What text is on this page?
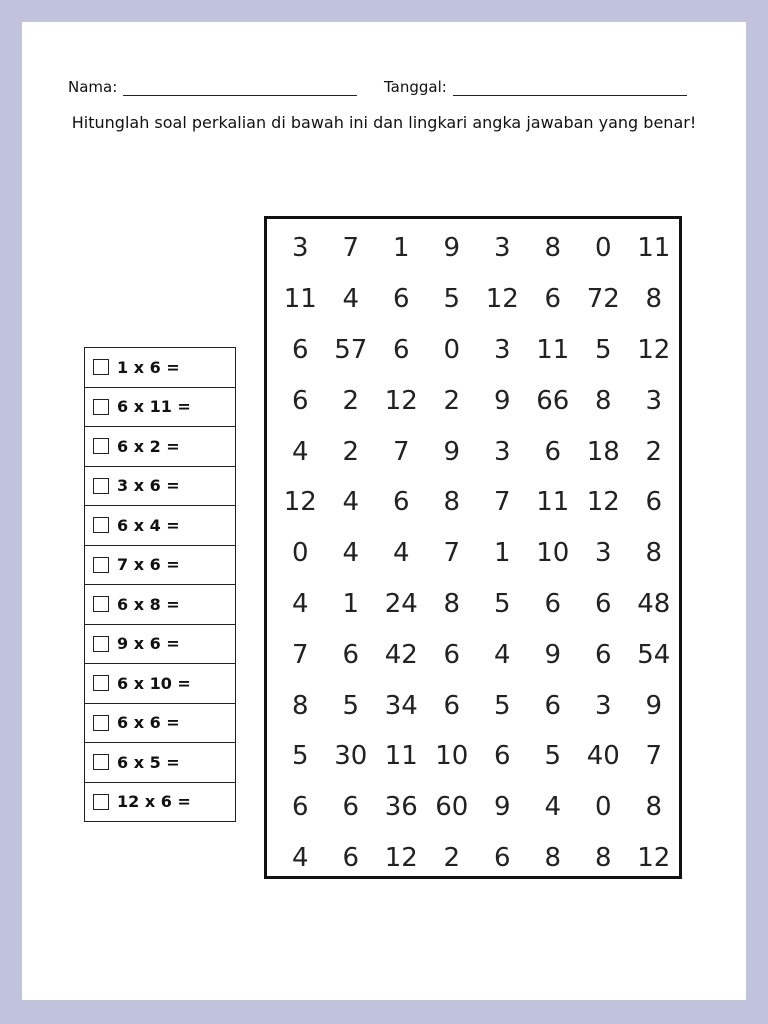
Nama:	Tanggal:
Hitunglah soal perkalian di bawah ini dan lingkari angka jawaban yang benar!
1 x 6 =
6 x 11 =
6 x 2 =
3 x 6 =
6 x 4 =
7 x 6 =
6 x 8 =
9 x 6 =
6 x 10 =
6 x 6 =
6 x 5 =
12 x 6 =
3	7	1	9	3	8	0	11
11	4	6	5	12	6	72	8
6	57	6	0	3	11	5	12
6	2	12	2	9	66	8	3
4	2	7	9	3	6	18	2
12	4	6	8	7	11	12	6
0	4	4	7	1	10	3	8
4	1	24	8	5	6	6	48
7	6	42	6	4	9	6	54
8	5	34	6	5	6	3	9
5	30	11	10	6	5	40	7
6	6	36	60	9	4	0	8
4	6	12	2	6	8	8	12
